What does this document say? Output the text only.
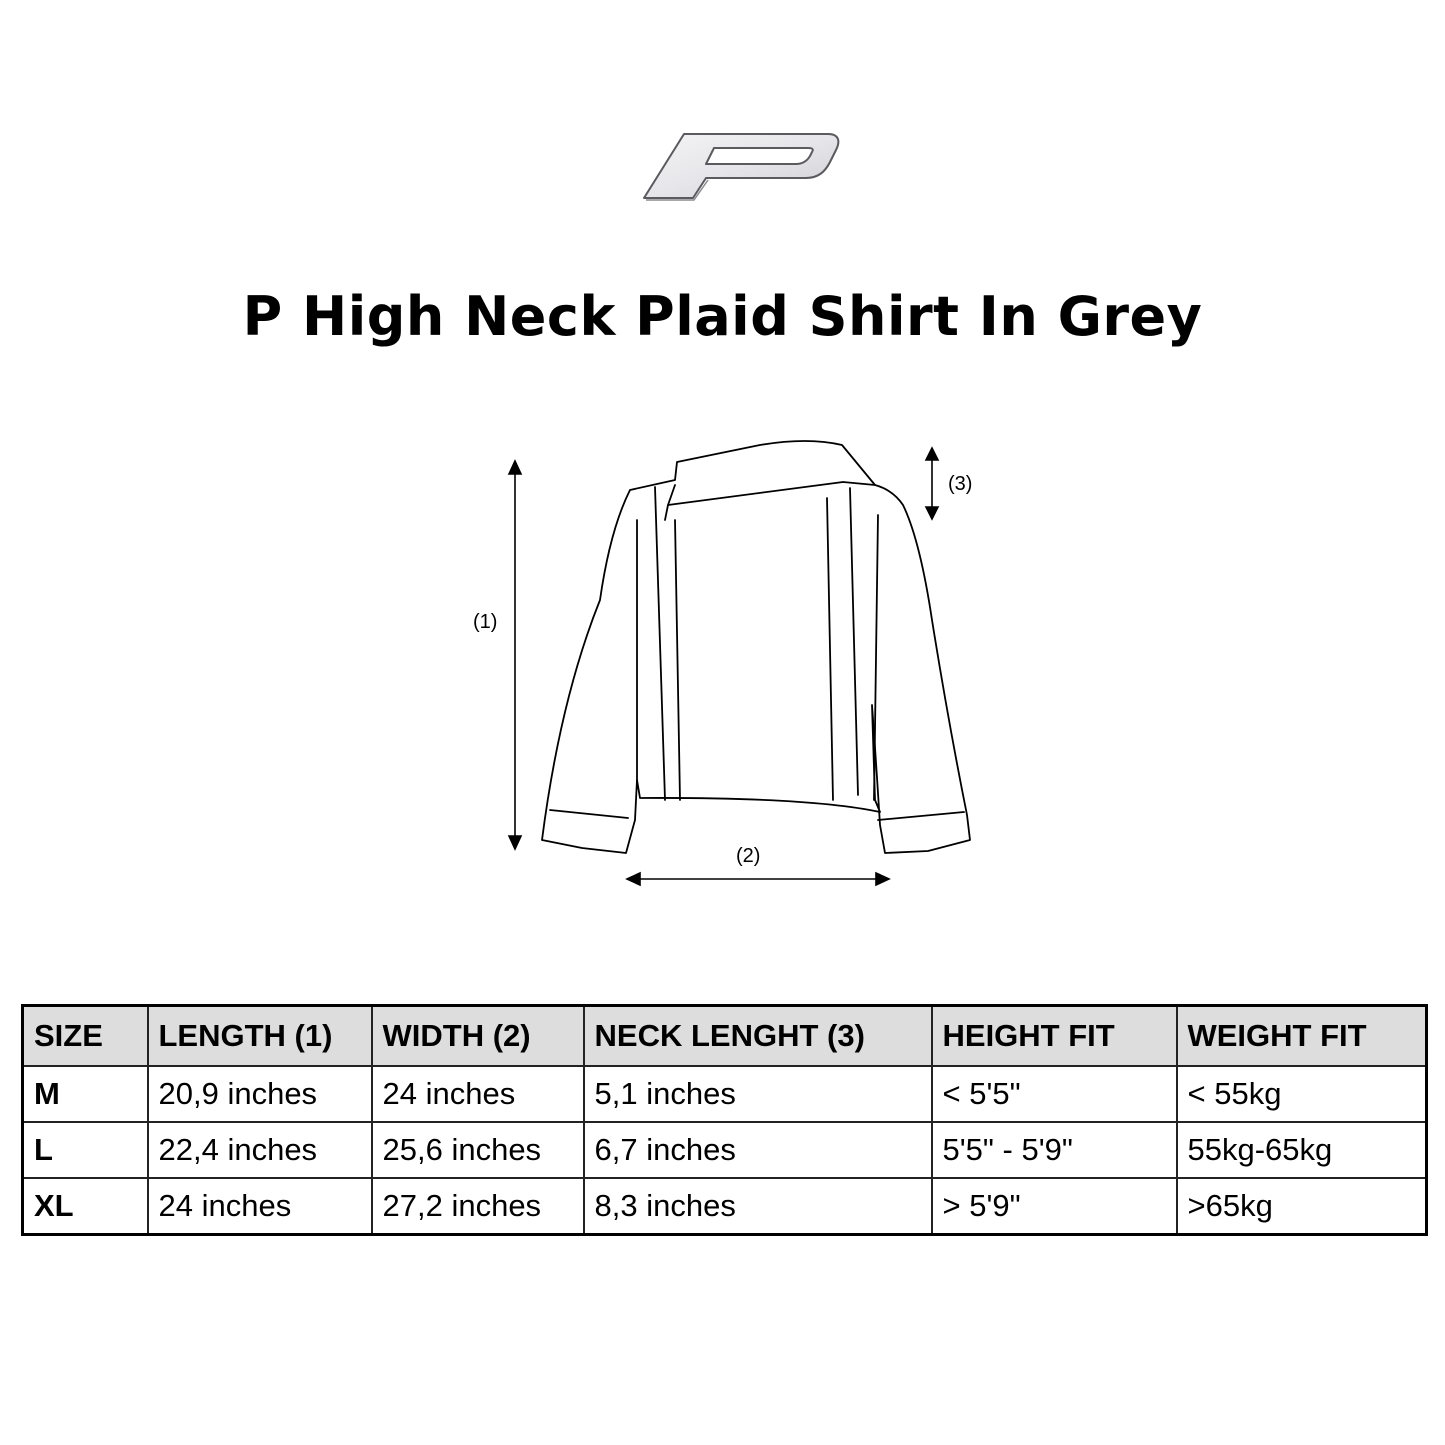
P High Neck Plaid Shirt In Grey
(1)
(2)
(3)
SIZE	LENGTH (1)	WIDTH (2)	NECK LENGHT (3)	HEIGHT FIT	WEIGHT FIT
M	20,9 inches	24 inches	5,1 inches	< 5'5"	< 55kg
L	22,4 inches	25,6 inches	6,7 inches	5'5" - 5'9"	55kg-65kg
XL	24 inches	27,2 inches	8,3 inches	> 5'9"	>65kg
